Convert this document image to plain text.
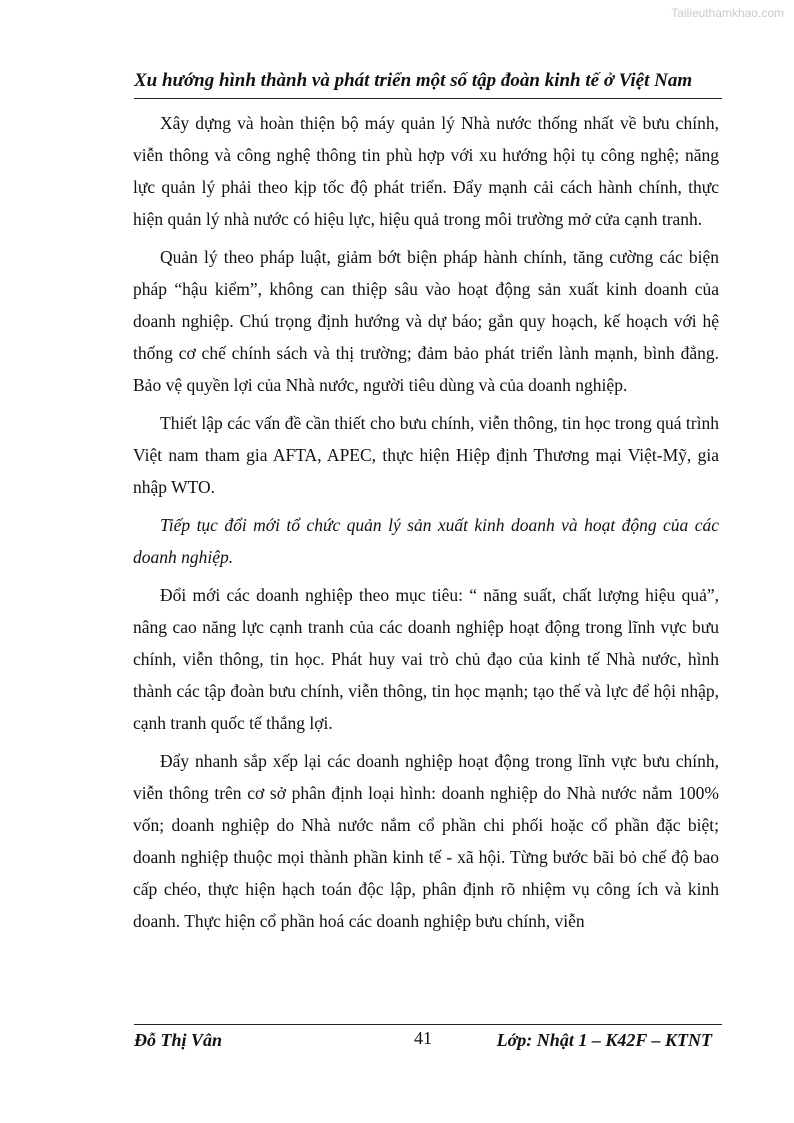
Tailieuthamkhao.com
Xu hướng hình thành và phát triển một số tập đoàn kinh tế ở Việt Nam

Xây dựng và hoàn thiện bộ máy quản lý Nhà nước thống nhất về bưu chính, viễn thông và công nghệ thông tin phù hợp với xu hướng hội tụ công nghệ; năng lực quản lý phải theo kịp tốc độ phát triển. Đẩy mạnh cải cách hành chính, thực hiện quản lý nhà nước có hiệu lực, hiệu quả trong môi trường mở cửa cạnh tranh.

Quản lý theo pháp luật, giảm bớt biện pháp hành chính, tăng cường các biện pháp “hậu kiểm”, không can thiệp sâu vào hoạt động sản xuất kinh doanh của doanh nghiệp. Chú trọng định hướng và dự báo; gắn quy hoạch, kế hoạch với hệ thống cơ chế chính sách và thị trường; đảm bảo phát triển lành mạnh, bình đẳng. Bảo vệ quyền lợi của Nhà nước, người tiêu dùng và của doanh nghiệp.

Thiết lập các vấn đề cần thiết cho bưu chính, viễn thông, tin học trong quá trình Việt nam tham gia AFTA, APEC, thực hiện Hiệp định Thương mại Việt-Mỹ, gia nhập WTO.

Tiếp tục đổi mới tổ chức quản lý sản xuất kinh doanh và hoạt động của các doanh nghiệp.

Đổi mới các doanh nghiệp theo mục tiêu: “ năng suất, chất lượng hiệu quả”, nâng cao năng lực cạnh tranh của các doanh nghiệp hoạt động trong lĩnh vực bưu chính, viễn thông, tin học. Phát huy vai trò chủ đạo của kinh tế Nhà nước, hình thành các tập đoàn bưu chính, viễn thông, tin học mạnh; tạo thế và lực để hội nhập, cạnh tranh quốc tế thắng lợi.

Đẩy nhanh sắp xếp lại các doanh nghiệp hoạt động trong lĩnh vực bưu chính, viễn thông trên cơ sở phân định loại hình: doanh nghiệp do Nhà nước nắm 100% vốn; doanh nghiệp do Nhà nước nắm cổ phần chi phối hoặc cổ phần đặc biệt; doanh nghiệp thuộc mọi thành phần kinh tế - xã hội. Từng bước bãi bỏ chế độ bao cấp chéo, thực hiện hạch toán độc lập, phân định rõ nhiệm vụ công ích và kinh doanh. Thực hiện cổ phần hoá các doanh nghiệp bưu chính, viễn

Đỗ Thị Vân	41	Lớp: Nhật 1 – K42F – KTNT
